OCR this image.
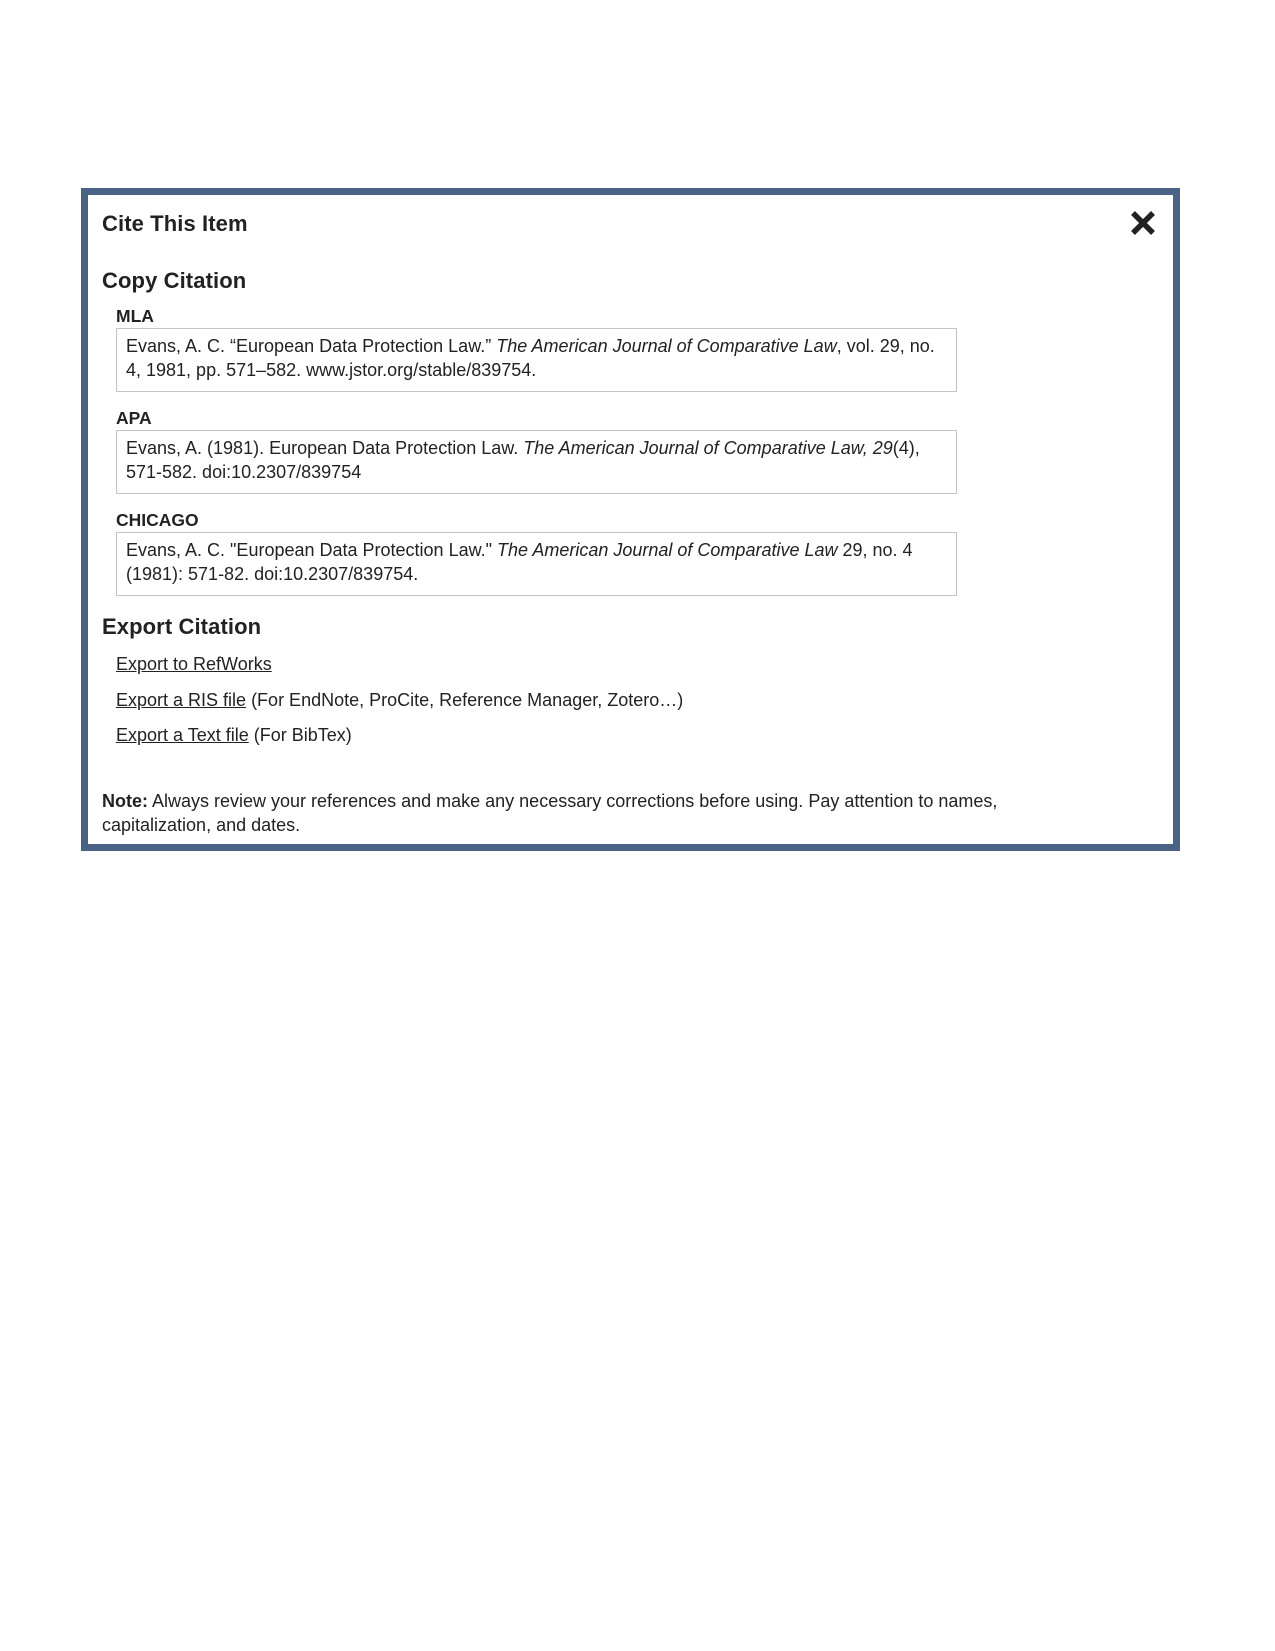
Cite This Item
Copy Citation
MLA
Evans, A. C. “European Data Protection Law.” The American Journal of Comparative Law, vol. 29, no. 4, 1981, pp. 571–582. www.jstor.org/stable/839754.
APA
Evans, A. (1981). European Data Protection Law. The American Journal of Comparative Law, 29(4), 571-582. doi:10.2307/839754
CHICAGO
Evans, A. C. "European Data Protection Law." The American Journal of Comparative Law 29, no. 4 (1981): 571-82. doi:10.2307/839754.
Export Citation
Export to RefWorks
Export a RIS file (For EndNote, ProCite, Reference Manager, Zotero…)
Export a Text file (For BibTex)
Note: Always review your references and make any necessary corrections before using. Pay attention to names, capitalization, and dates.
